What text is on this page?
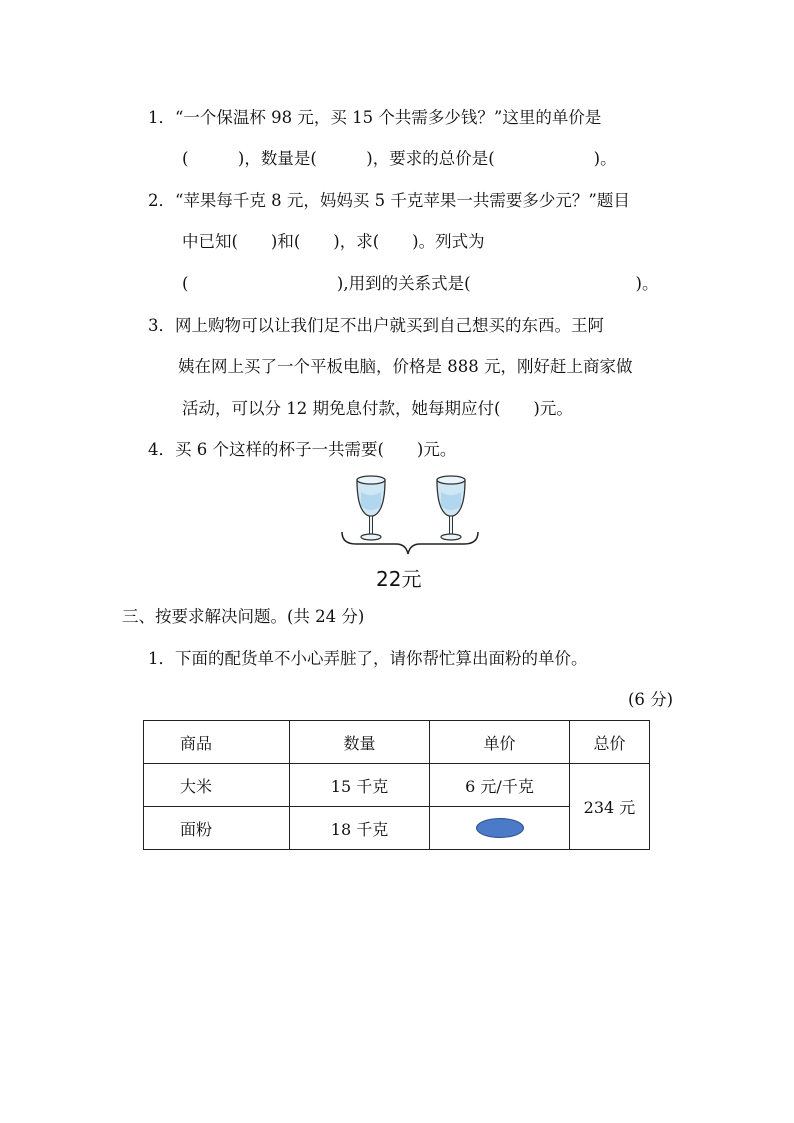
1．“一个保温杯 98 元，买 15 个共需多少钱？”这里的单价是
(　　　)，数量是(　　　)，要求的总价是(　　　　　　)。
2．“苹果每千克 8 元，妈妈买 5 千克苹果一共需要多少元？”题目
中已知(　　)和(　　)，求(　　)。列式为
(　　　　　　　　　),用到的关系式是(　　　　　　　　　　)。
3．网上购物可以让我们足不出户就买到自己想买的东西。王阿
姨在网上买了一个平板电脑，价格是 888 元，刚好赶上商家做
活动，可以分 12 期免息付款，她每期应付(　　)元。
4．买 6 个这样的杯子一共需要(　　)元。
22元
三、按要求解决问题。(共 24 分)
1．下面的配货单不小心弄脏了，请你帮忙算出面粉的单价。
(6 分)
商品	数量	单价	总价
大米	15 千克	6 元/千克	234 元
面粉	18 千克		
